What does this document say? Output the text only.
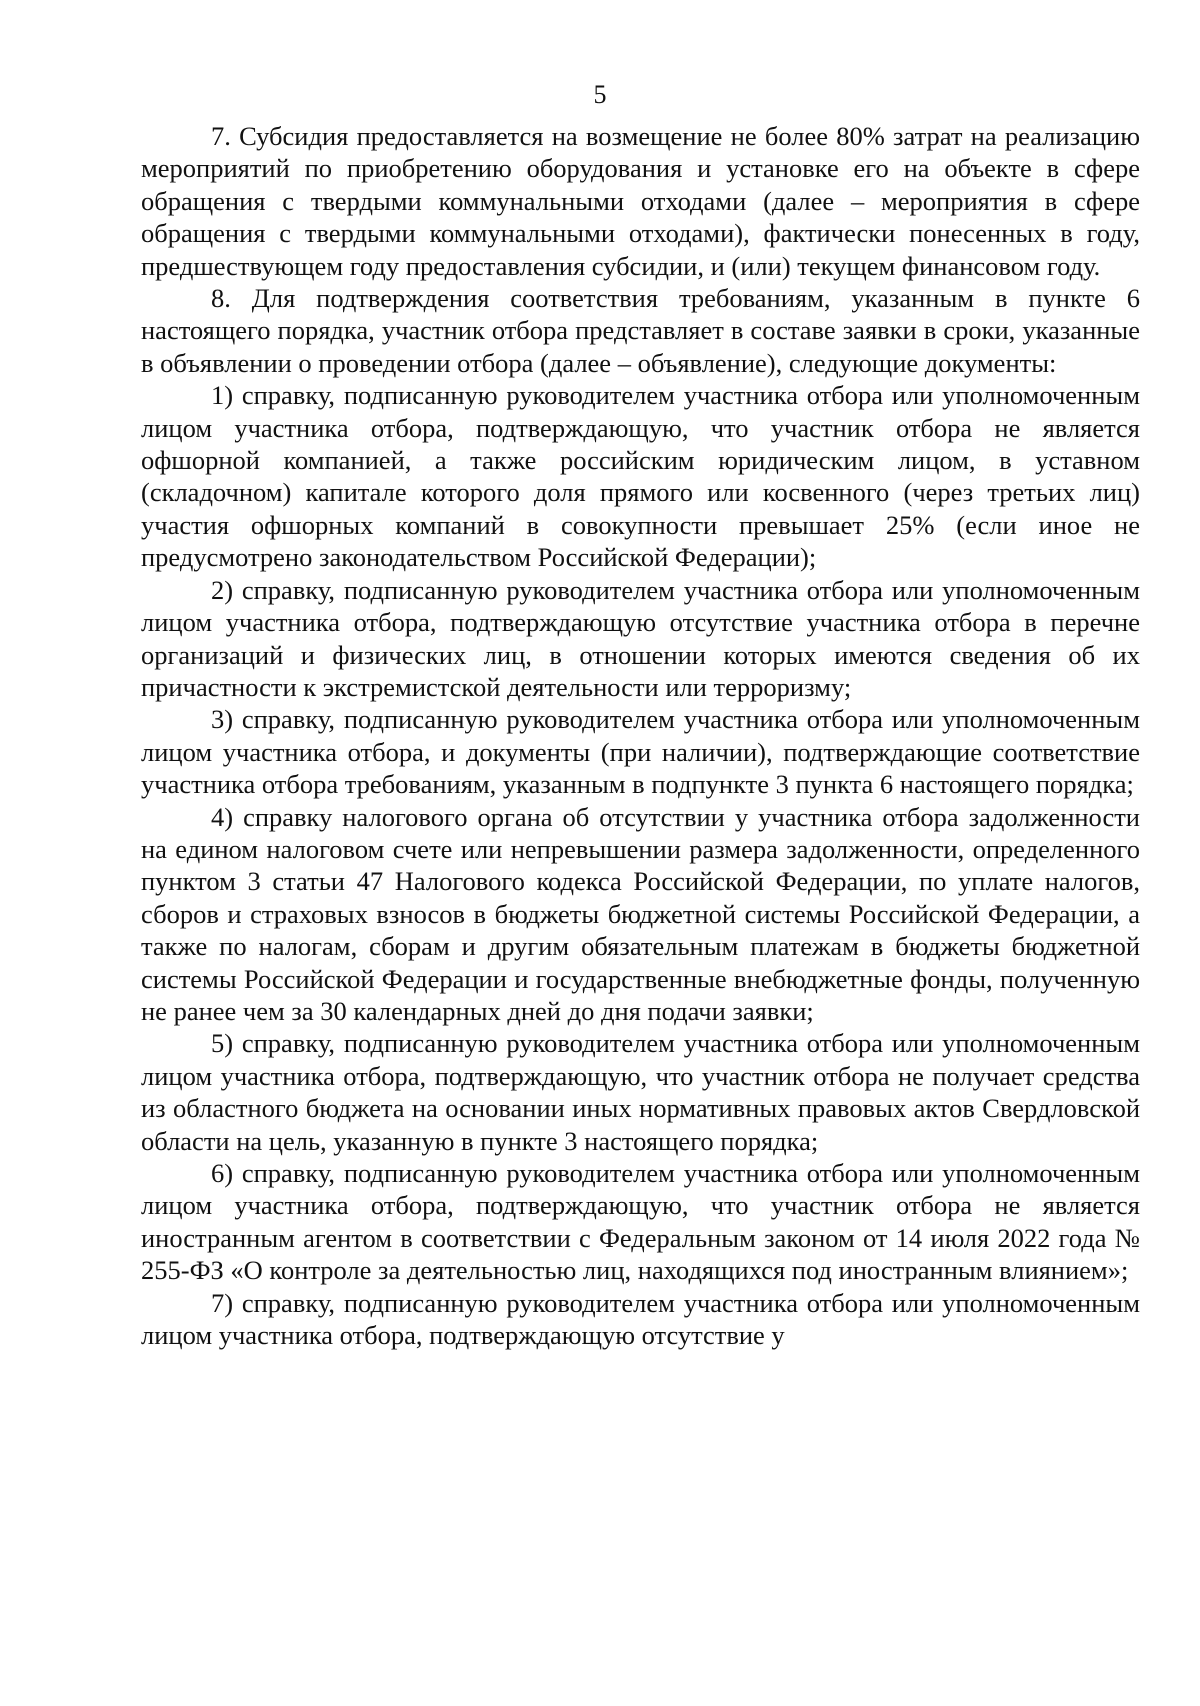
5

7. Субсидия предоставляется на возмещение не более 80% затрат на реализацию мероприятий по приобретению оборудования и установке его на объекте в сфере обращения с твердыми коммунальными отходами (далее – мероприятия в сфере обращения с твердыми коммунальными отходами), фактически понесенных в году, предшествующем году предоставления субсидии, и (или) текущем финансовом году.

8. Для подтверждения соответствия требованиям, указанным в пункте 6 настоящего порядка, участник отбора представляет в составе заявки в сроки, указанные в объявлении о проведении отбора (далее – объявление), следующие документы:

1) справку, подписанную руководителем участника отбора или уполномоченным лицом участника отбора, подтверждающую, что участник отбора не является офшорной компанией, а также российским юридическим лицом, в уставном (складочном) капитале которого доля прямого или косвенного (через третьих лиц) участия офшорных компаний в совокупности превышает 25% (если иное не предусмотрено законодательством Российской Федерации);

2) справку, подписанную руководителем участника отбора или уполномоченным лицом участника отбора, подтверждающую отсутствие участника отбора в перечне организаций и физических лиц, в отношении которых имеются сведения об их причастности к экстремистской деятельности или терроризму;

3) справку, подписанную руководителем участника отбора или уполномоченным лицом участника отбора, и документы (при наличии), подтверждающие соответствие участника отбора требованиям, указанным в подпункте 3 пункта 6 настоящего порядка;

4) справку налогового органа об отсутствии у участника отбора задолженности на едином налоговом счете или непревышении размера задолженности, определенного пунктом 3 статьи 47 Налогового кодекса Российской Федерации, по уплате налогов, сборов и страховых взносов в бюджеты бюджетной системы Российской Федерации, а также по налогам, сборам и другим обязательным платежам в бюджеты бюджетной системы Российской Федерации и государственные внебюджетные фонды, полученную не ранее чем за 30 календарных дней до дня подачи заявки;

5) справку, подписанную руководителем участника отбора или уполномоченным лицом участника отбора, подтверждающую, что участник отбора не получает средства из областного бюджета на основании иных нормативных правовых актов Свердловской области на цель, указанную в пункте 3 настоящего порядка;

6) справку, подписанную руководителем участника отбора или уполномоченным лицом участника отбора, подтверждающую, что участник отбора не является иностранным агентом в соответствии с Федеральным законом от 14 июля 2022 года № 255-ФЗ «О контроле за деятельностью лиц, находящихся под иностранным влиянием»;

7) справку, подписанную руководителем участника отбора или уполномоченным лицом участника отбора, подтверждающую отсутствие у
